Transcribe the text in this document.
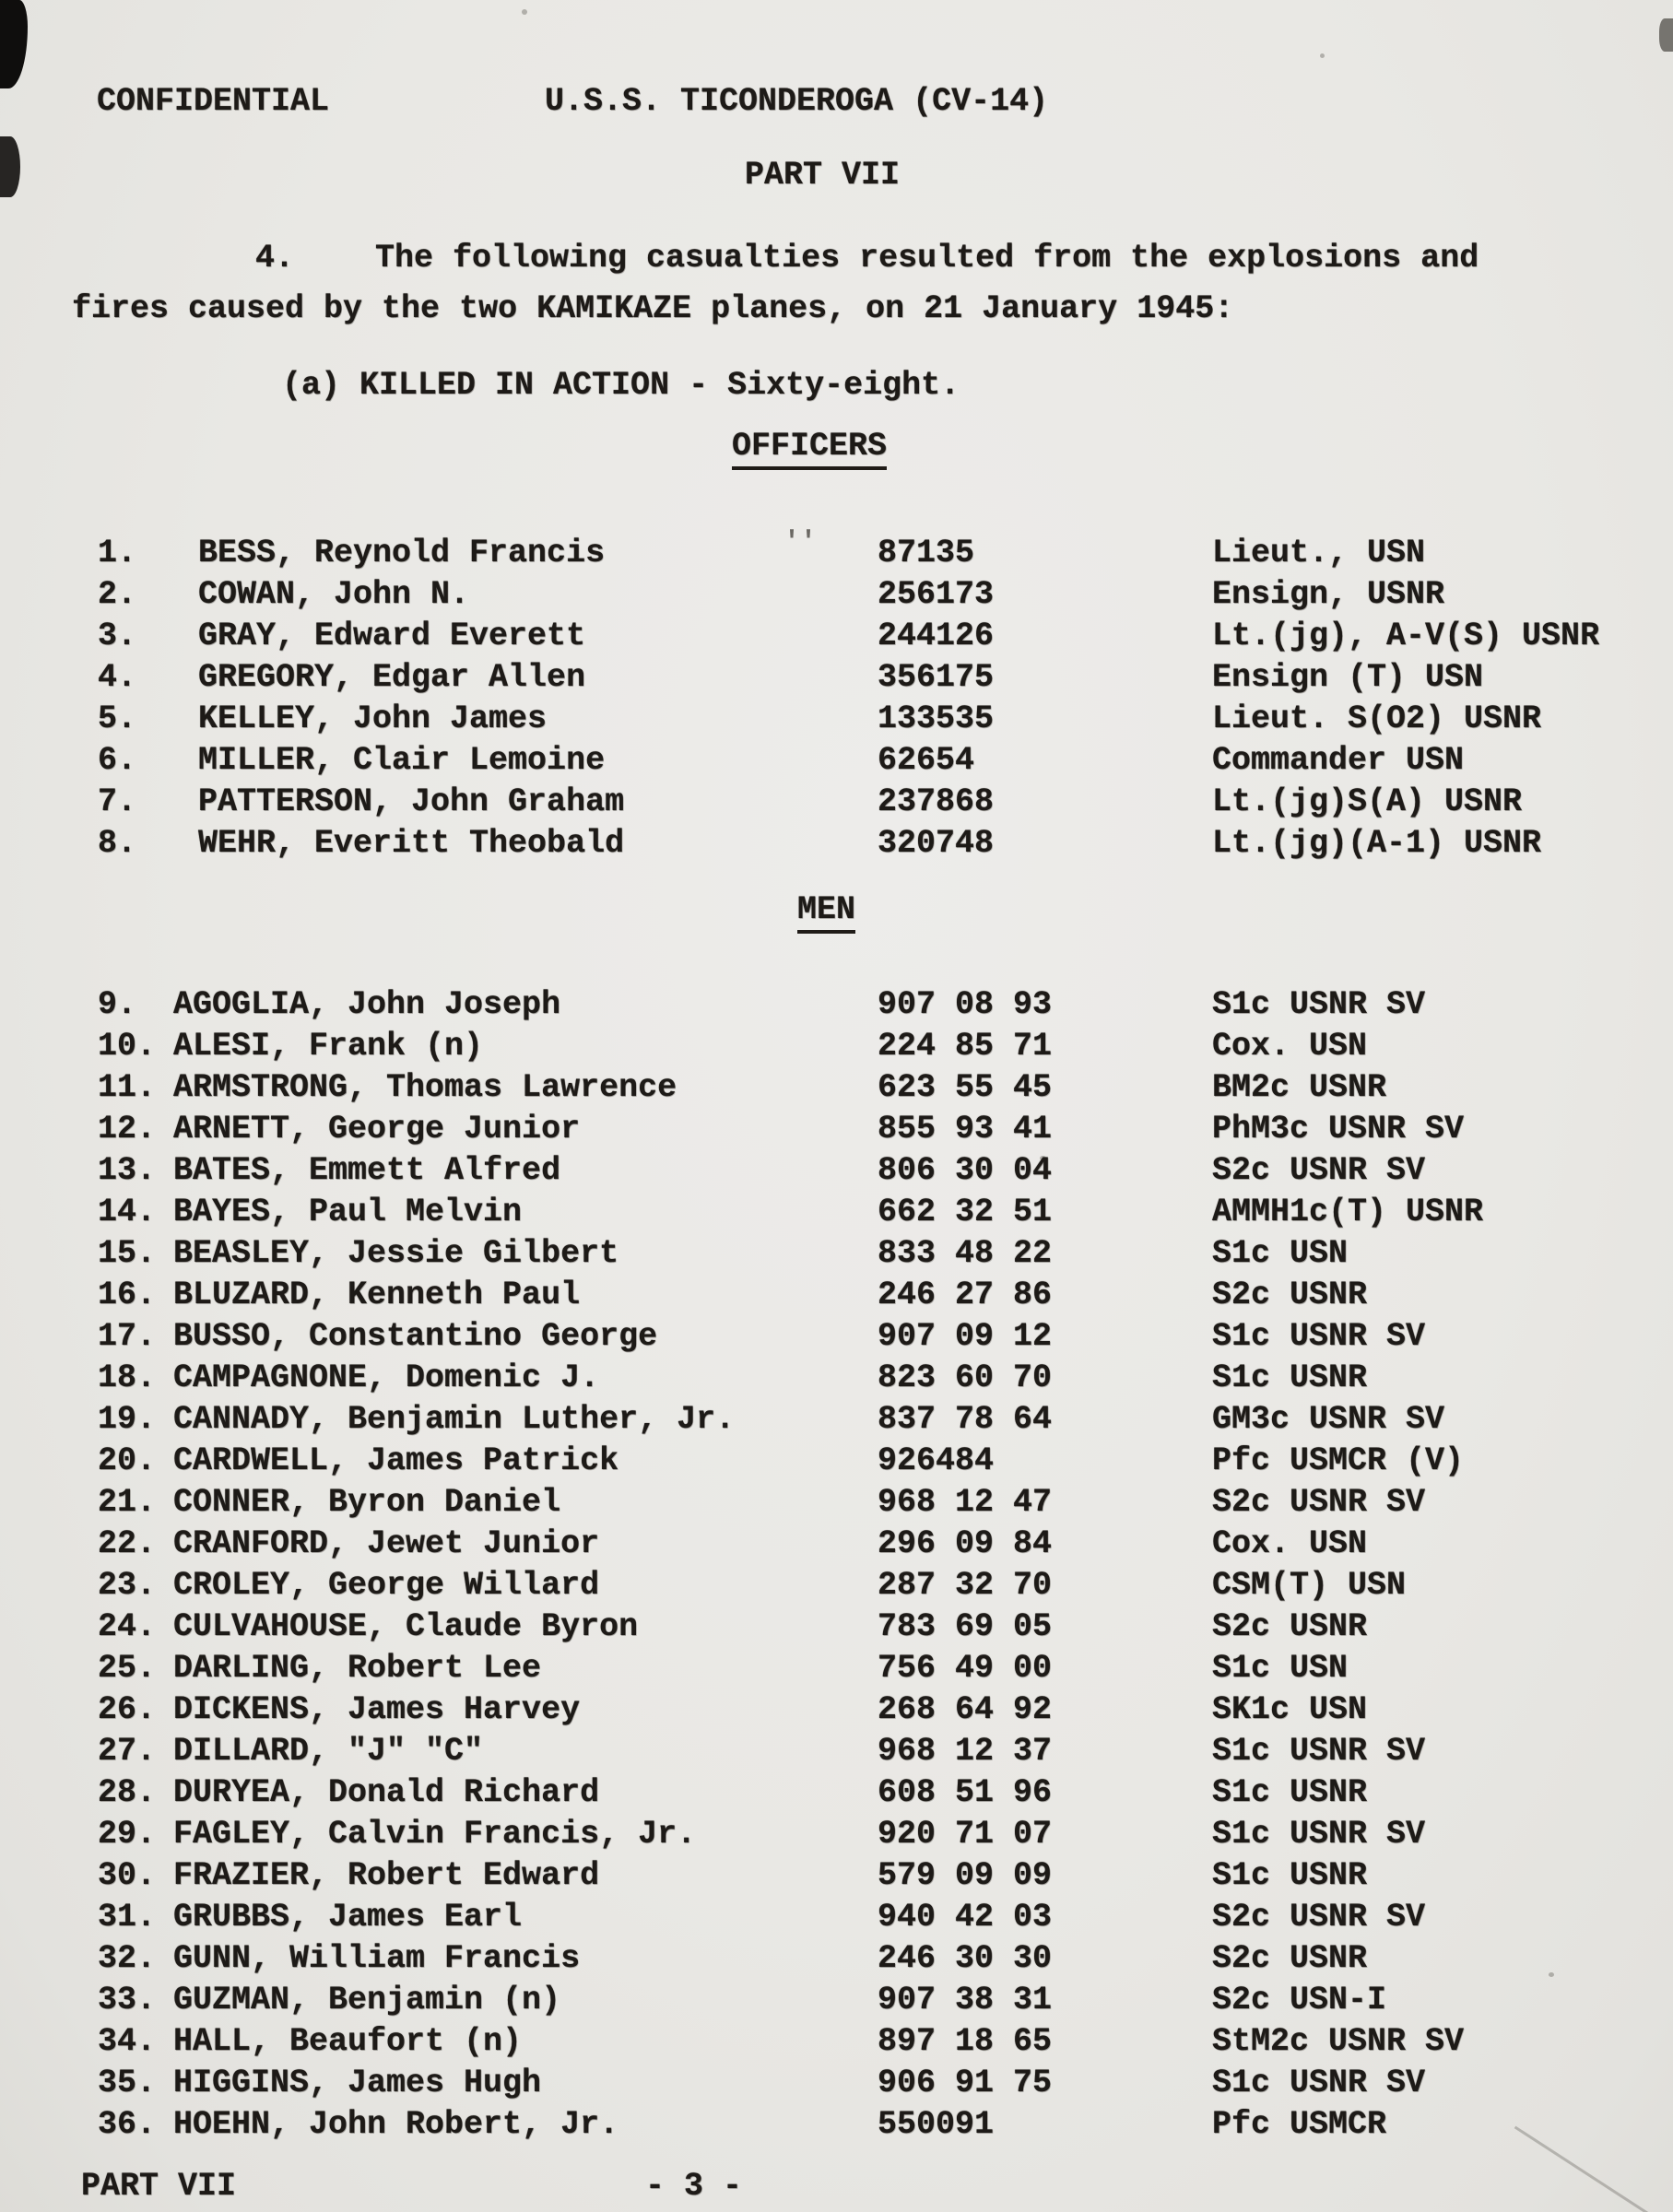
''
CONFIDENTIAL	U.S.S. TICONDEROGA (CV-14)
PART VII
4.	The following casualties resulted from the explosions and
fires caused by the two KAMIKAZE planes, on 21 January 1945:
(a) KILLED IN ACTION - Sixty-eight.
OFFICERS
1. BESS, Reynold Francis	87135	Lieut., USN
2. COWAN, John N.	256173	Ensign, USNR
3. GRAY, Edward Everett	244126	Lt.(jg), A-V(S) USNR
4. GREGORY, Edgar Allen	356175	Ensign (T) USN
5. KELLEY, John James	133535	Lieut. S(O2) USNR
6. MILLER, Clair Lemoine	62654	Commander USN
7. PATTERSON, John Graham	237868	Lt.(jg)S(A) USNR
8. WEHR, Everitt Theobald	320748	Lt.(jg)(A-1) USNR
MEN
9. AGOGLIA, John Joseph	907 08 93	S1c USNR SV
10. ALESI, Frank (n)	224 85 71	Cox. USN
11. ARMSTRONG, Thomas Lawrence	623 55 45	BM2c USNR
12. ARNETT, George Junior	855 93 41	PhM3c USNR SV
13. BATES, Emmett Alfred	806 30 04	S2c USNR SV
14. BAYES, Paul Melvin	662 32 51	AMMH1c(T) USNR
15. BEASLEY, Jessie Gilbert	833 48 22	S1c USN
16. BLUZARD, Kenneth Paul	246 27 86	S2c USNR
17. BUSSO, Constantino George	907 09 12	S1c USNR SV
18. CAMPAGNONE, Domenic J.	823 60 70	S1c USNR
19. CANNADY, Benjamin Luther, Jr.	837 78 64	GM3c USNR SV
20. CARDWELL, James Patrick	926484	Pfc USMCR (V)
21. CONNER, Byron Daniel	968 12 47	S2c USNR SV
22. CRANFORD, Jewet Junior	296 09 84	Cox. USN
23. CROLEY, George Willard	287 32 70	CSM(T) USN
24. CULVAHOUSE, Claude Byron	783 69 05	S2c USNR
25. DARLING, Robert Lee	756 49 00	S1c USN
26. DICKENS, James Harvey	268 64 92	SK1c USN
27. DILLARD, "J" "C"	968 12 37	S1c USNR SV
28. DURYEA, Donald Richard	608 51 96	S1c USNR
29. FAGLEY, Calvin Francis, Jr.	920 71 07	S1c USNR SV
30. FRAZIER, Robert Edward	579 09 09	S1c USNR
31. GRUBBS, James Earl	940 42 03	S2c USNR SV
32. GUNN, William Francis	246 30 30	S2c USNR
33. GUZMAN, Benjamin (n)	907 38 31	S2c USN-I
34. HALL, Beaufort (n)	897 18 65	StM2c USNR SV
35. HIGGINS, James Hugh	906 91 75	S1c USNR SV
36. HOEHN, John Robert, Jr.	550091	Pfc USMCR
PART VII	- 3 -
